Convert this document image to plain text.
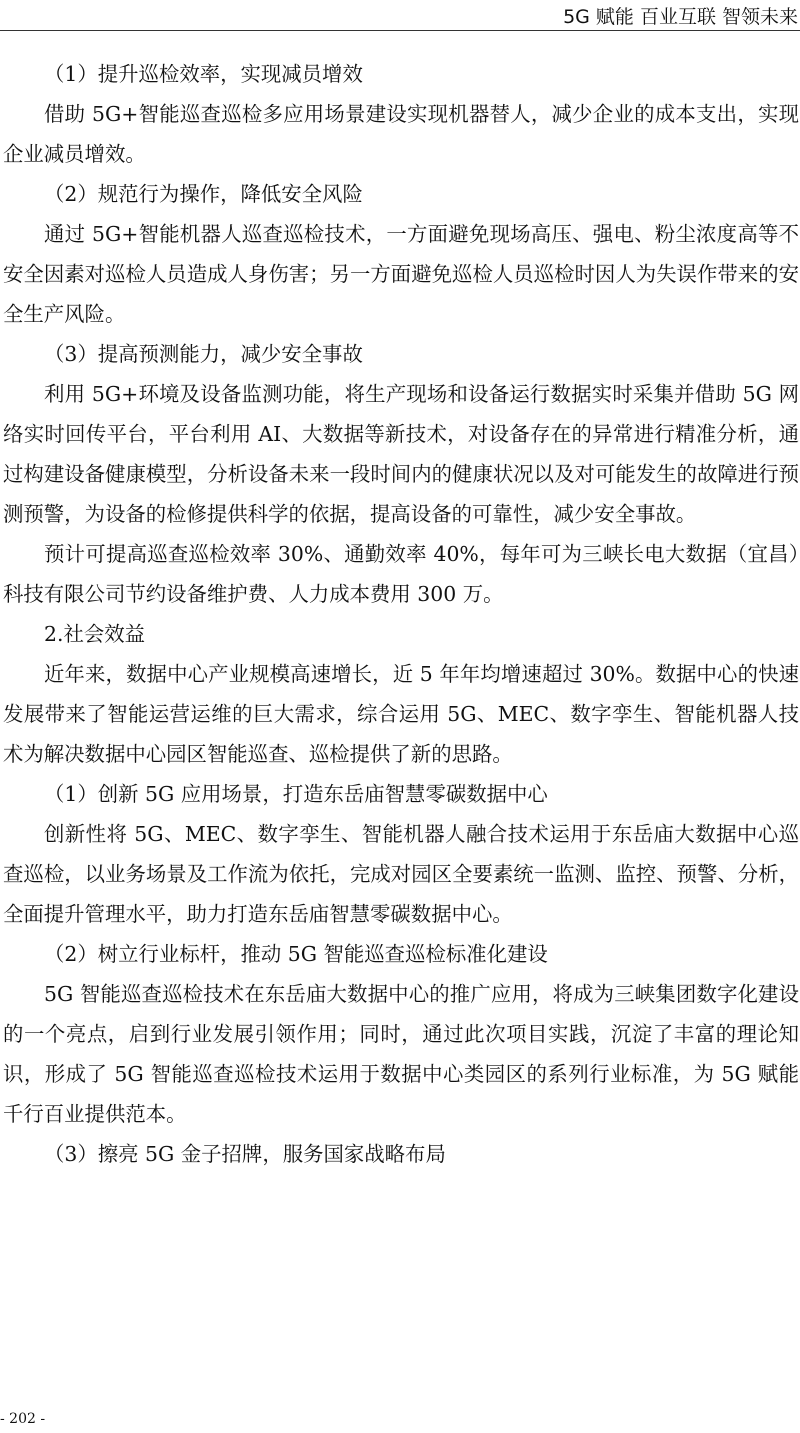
5G 赋能 百业互联 智领未来

（1）提升巡检效率，实现减员增效

借助 5G+智能巡查巡检多应用场景建设实现机器替人，减少企业的成本支出，实现企业减员增效。

（2）规范行为操作，降低安全风险

通过 5G+智能机器人巡查巡检技术，一方面避免现场高压、强电、粉尘浓度高等不安全因素对巡检人员造成人身伤害；另一方面避免巡检人员巡检时因人为失误作带来的安全生产风险。

（3）提高预测能力，减少安全事故

利用 5G+环境及设备监测功能，将生产现场和设备运行数据实时采集并借助 5G 网络实时回传平台，平台利用 AI、大数据等新技术，对设备存在的异常进行精准分析，通过构建设备健康模型，分析设备未来一段时间内的健康状况以及对可能发生的故障进行预测预警，为设备的检修提供科学的依据，提高设备的可靠性，减少安全事故。

预计可提高巡查巡检效率 30%、通勤效率 40%，每年可为三峡长电大数据（宜昌）科技有限公司节约设备维护费、人力成本费用 300 万。

2.社会效益

近年来，数据中心产业规模高速增长，近 5 年年均增速超过 30%。数据中心的快速发展带来了智能运营运维的巨大需求，综合运用 5G、MEC、数字孪生、智能机器人技术为解决数据中心园区智能巡查、巡检提供了新的思路。

（1）创新 5G 应用场景，打造东岳庙智慧零碳数据中心

创新性将 5G、MEC、数字孪生、智能机器人融合技术运用于东岳庙大数据中心巡查巡检，以业务场景及工作流为依托，完成对园区全要素统一监测、监控、预警、分析，全面提升管理水平，助力打造东岳庙智慧零碳数据中心。

（2）树立行业标杆，推动 5G 智能巡查巡检标准化建设

5G 智能巡查巡检技术在东岳庙大数据中心的推广应用，将成为三峡集团数字化建设的一个亮点，启到行业发展引领作用；同时，通过此次项目实践，沉淀了丰富的理论知识，形成了 5G 智能巡查巡检技术运用于数据中心类园区的系列行业标准，为 5G 赋能千行百业提供范本。

（3）擦亮 5G 金子招牌，服务国家战略布局

- 202 -
